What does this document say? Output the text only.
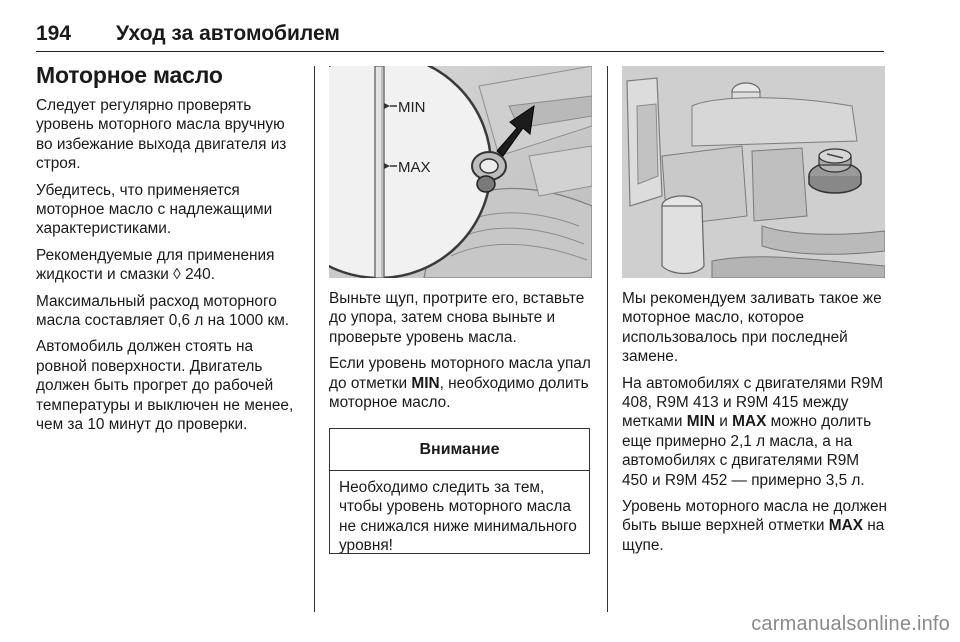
194 Уход за автомобилем
Моторное масло

Следует регулярно проверять уровень моторного масла вручную во избежание выхода двигателя из строя.

Убедитесь, что применяется моторное масло с надлежащими характеристиками.

Рекомендуемые для применения жидкости и смазки ◊ 240.

Максимальный расход моторного масла составляет 0,6 л на 1000 км.

Автомобиль должен стоять на ровной поверхности. Двигатель должен быть прогрет до рабочей температуры и выключен не менее, чем за 10 минут до проверки.

MIN
MAX

Выньте щуп, протрите его, вставьте до упора, затем снова выньте и проверьте уровень масла.

Если уровень моторного масла упал до отметки MIN, необходимо долить моторное масло.

Внимание
Необходимо следить за тем, чтобы уровень моторного масла не снижался ниже минимального уровня!

Мы рекомендуем заливать такое же моторное масло, которое использовалось при последней замене.

На автомобилях с двигателями R9M 408, R9M 413 и R9M 415 между метками MIN и MAX можно долить еще примерно 2,1 л масла, а на автомобилях с двигателями R9M 450 и R9M 452 — примерно 3,5 л.

Уровень моторного масла не должен быть выше верхней отметки MAX на щупе.

carmanualsonline.info
